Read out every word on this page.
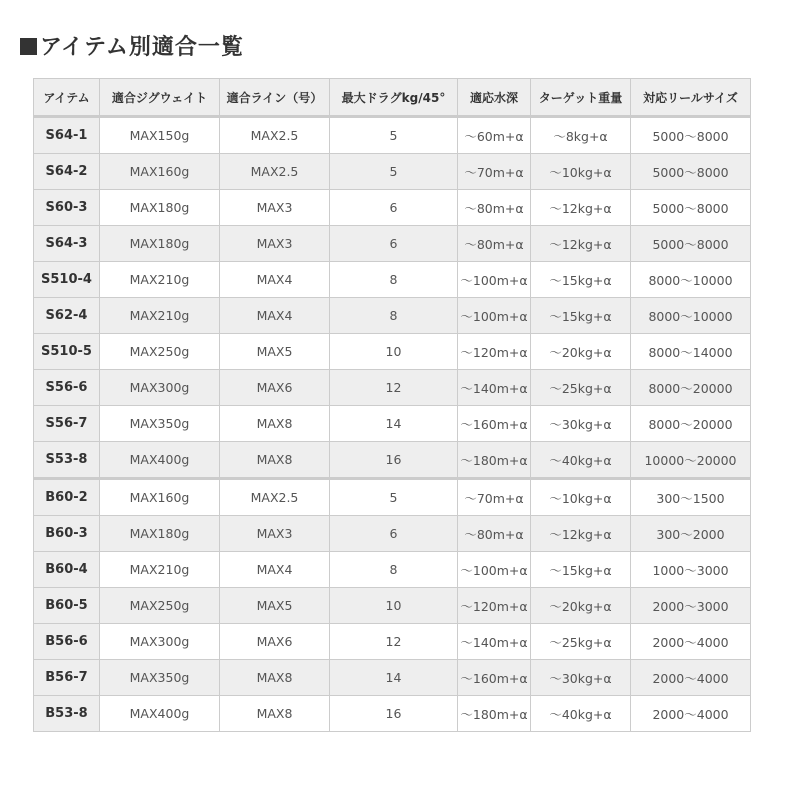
アイテム別適合一覧
アイテム	適合ジグウェイト	適合ライン（号）	最大ドラグkg/45°	適応水深	ターゲット重量	対応リールサイズ
S64-1	MAX150g	MAX2.5	5	～60m+α	～8kg+α	5000～8000
S64-2	MAX160g	MAX2.5	5	～70m+α	～10kg+α	5000～8000
S60-3	MAX180g	MAX3	6	～80m+α	～12kg+α	5000～8000
S64-3	MAX180g	MAX3	6	～80m+α	～12kg+α	5000～8000
S510-4	MAX210g	MAX4	8	～100m+α	～15kg+α	8000～10000
S62-4	MAX210g	MAX4	8	～100m+α	～15kg+α	8000～10000
S510-5	MAX250g	MAX5	10	～120m+α	～20kg+α	8000～14000
S56-6	MAX300g	MAX6	12	～140m+α	～25kg+α	8000～20000
S56-7	MAX350g	MAX8	14	～160m+α	～30kg+α	8000～20000
S53-8	MAX400g	MAX8	16	～180m+α	～40kg+α	10000～20000
B60-2	MAX160g	MAX2.5	5	～70m+α	～10kg+α	300～1500
B60-3	MAX180g	MAX3	6	～80m+α	～12kg+α	300～2000
B60-4	MAX210g	MAX4	8	～100m+α	～15kg+α	1000～3000
B60-5	MAX250g	MAX5	10	～120m+α	～20kg+α	2000～3000
B56-6	MAX300g	MAX6	12	～140m+α	～25kg+α	2000～4000
B56-7	MAX350g	MAX8	14	～160m+α	～30kg+α	2000～4000
B53-8	MAX400g	MAX8	16	～180m+α	～40kg+α	2000～4000
